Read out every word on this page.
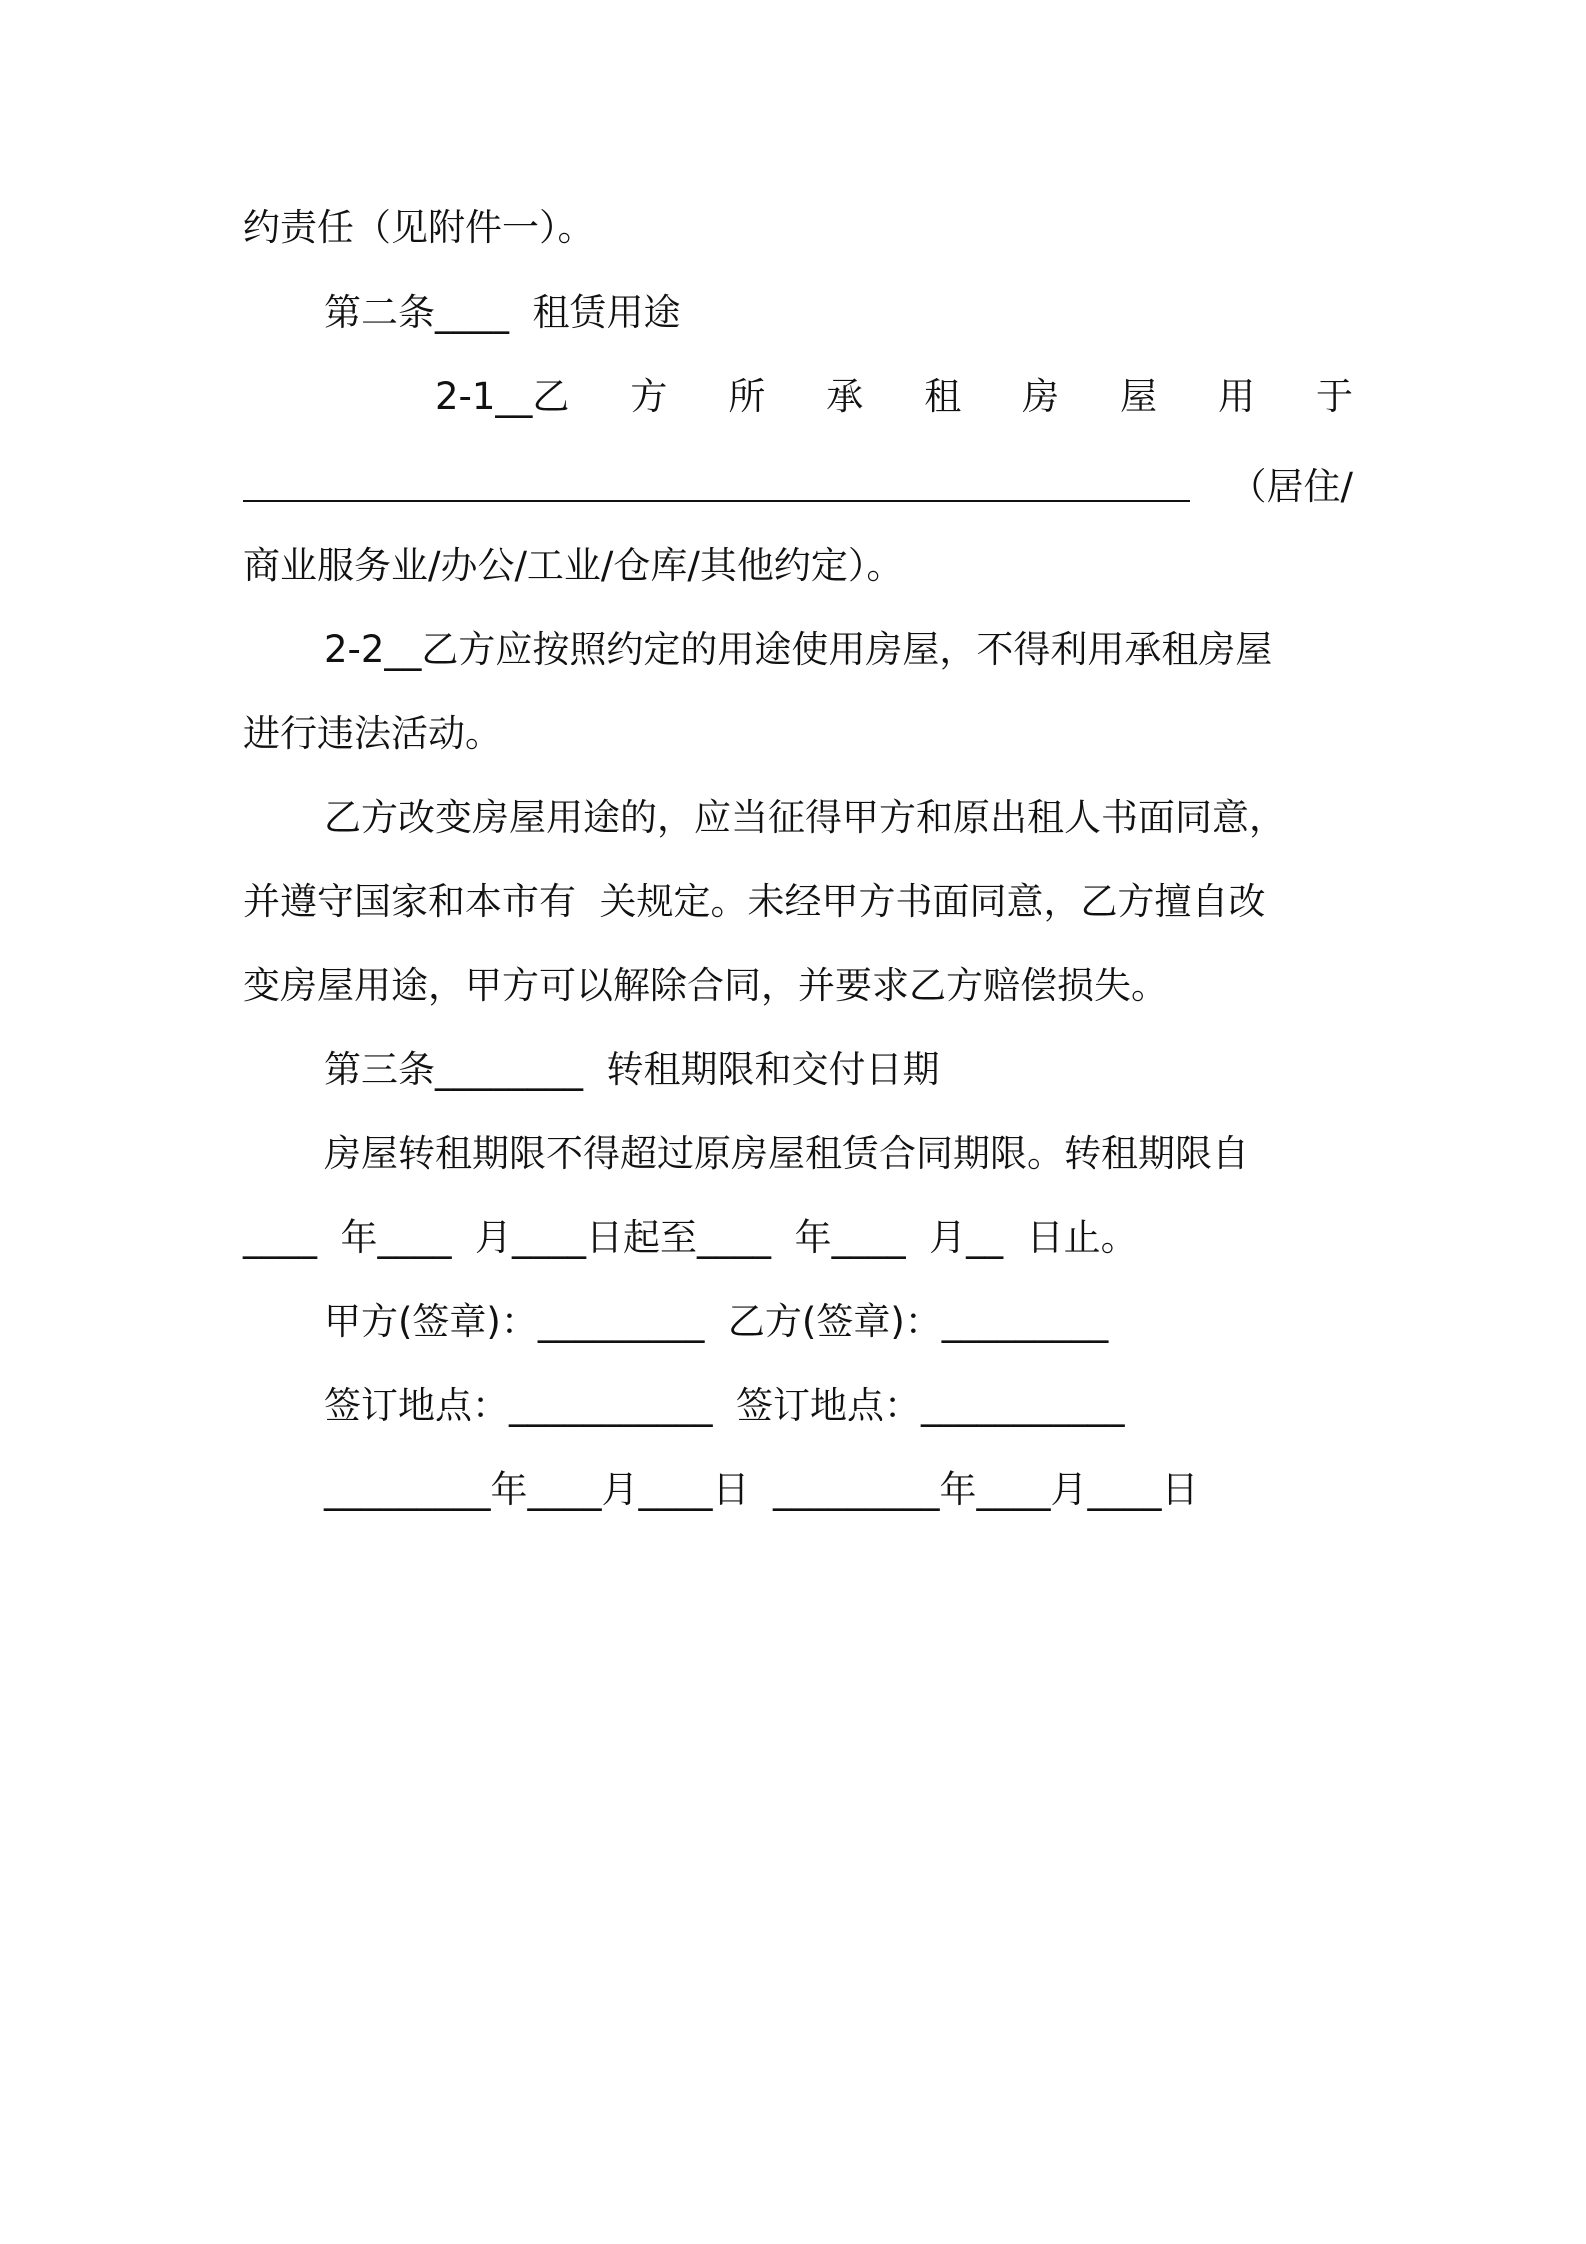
约责任（见附件一）。
第二条____  租赁用途
2-1__乙 方 所 承 租 房 屋 用 于
（居住/
商业服务业/办公/工业/仓库/其他约定）。
2-2__乙方应按照约定的用途使用房屋，不得利用承租房屋
进行违法活动。
乙方改变房屋用途的，应当征得甲方和原出租人书面同意，
并遵守国家和本市有  关规定。未经甲方书面同意，乙方擅自改
变房屋用途，甲方可以解除合同，并要求乙方赔偿损失。
第三条________  转租期限和交付日期
房屋转租期限不得超过原房屋租赁合同期限。转租期限自
____  年____  月____日起至____  年____  月__  日止。
甲方(签章)：_________  乙方(签章)：_________
签订地点：___________  签订地点：___________
_________年____月____日  _________年____月____日
